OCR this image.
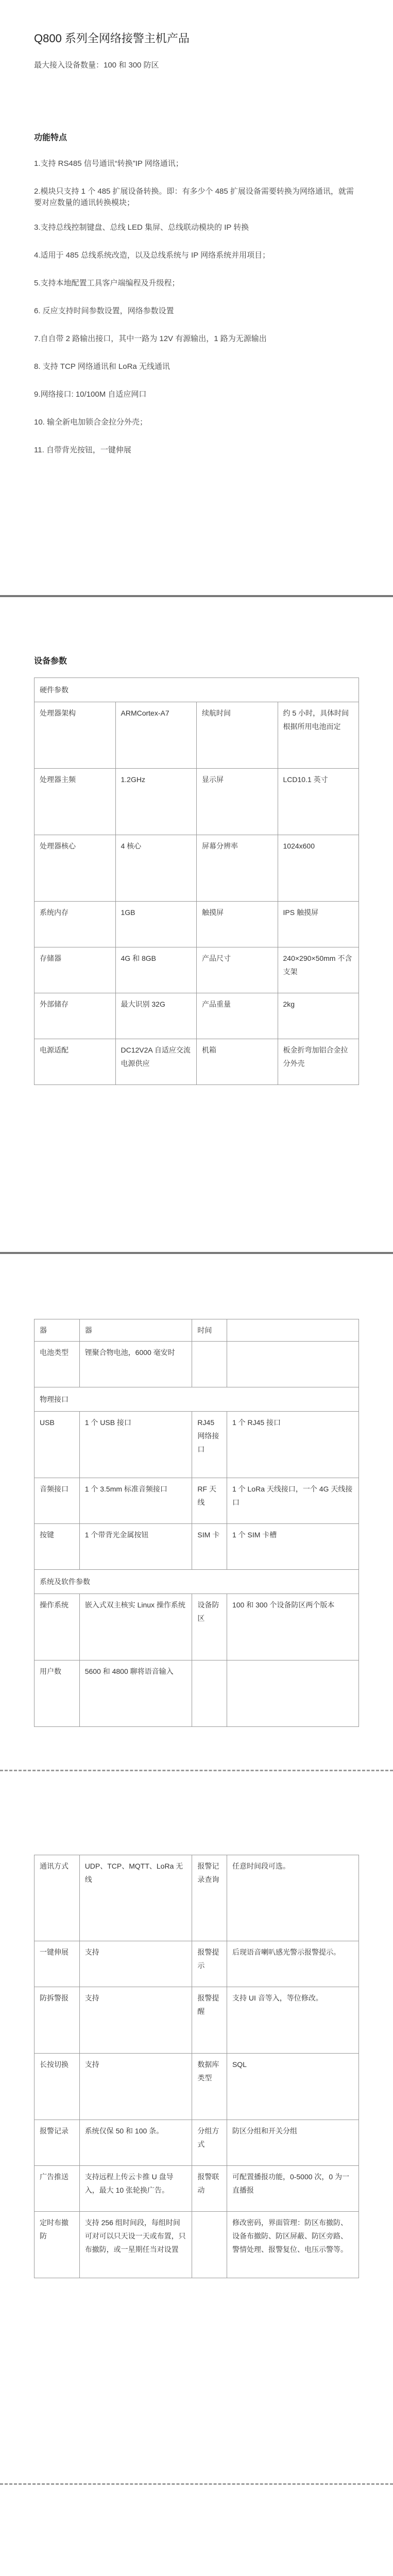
Q800 系列全网络接警主机产品
最大接入设备数量：100 和 300 防区
功能特点
1.支持 RS485 信号通讯“转换”IP 网络通讯；
2.模块只支持 1 个 485 扩展设备转换。即：有多少个 485 扩展设备需要转换为网络通讯，就需要对应数量的通讯转换模块；
3.支持总线控制键盘、总线 LED 集屏、总线联动模块的 IP 转换
4.适用于 485 总线系统改造，以及总线系统与 IP 网络系统并用项目；
5.支持本地配置工具客户端编程及升级程；
6. 反应支持时间参数设置，网络参数设置
7.自自带 2 路输出接口，其中一路为 12V 有源输出，1 路为无源输出
8. 支持 TCP 网络通讯和 LoRa 无线通讯
9.网络接口: 10/100M 自适应网口
10. 输全新电加锁合金拉分外壳；
11. 自带背光按钮，一键伸展
设备参数
硬件参数			
处理器架构	ARMCortex-A7	续航时间	约 5 小时，具体时间根据所用电池而定
处理器主频	1.2GHz	显示屏	LCD10.1 英寸
处理器核心	4 核心	屏幕分辨率	1024x600
系统内存	1GB	触摸屏	IPS 触摸屏
存储器	4G 和 8GB	产品尺寸	240×290×50mm 不含支架
外部储存	最大识别 32G	产品重量	2kg
电源适配	DC12V2A 自适应交流电源供应	机箱	板金折弯加铝合金拉分外壳
器	器	时间	
电池类型	锂聚合物电池，6000 毫安时		
物理接口			
USB	1 个 USB 接口	RJ45 网络接口	1 个 RJ45 接口
音频接口	1 个 3.5mm 标准音频接口	RF 天线	1 个 LoRa 天线接口，一个 4G 天线接口
按键	1 个带背光金属按钮	SIM 卡	1 个 SIM 卡槽
系统及软件参数			
操作系统	嵌入式双主核实 Linux 操作系统	设备防区	100 和 300 个设备防区两个版本
用户数	5600 和 4800 聊将语音输入		
通讯方式	UDP、TCP、MQTT、LoRa 无线	报警记录查询	任意时间段可选。
一键伸展	支持	报警提示	后现语音喇叭感光警示报警提示。
防拆警报	支持	报警提醒	支持 UI 音等入，等位修改。
长按切换	支持	数据库类型	SQL
报警记录	系统仅保 50 和 100 条。	分组方式	防区分组和开关分组
广告推送	支持远程上传云卡推 U 盘导入，最大 10 张轮换广告。	报警联动	可配置播报功能，0-5000 次，0 为一直播报
定时布撤防	支持 256 组时间段，每组时间可对可以只天设一天或布置，只布撤防，或一星期任当对设置		修改密码，界面管理：防区布撤防、设备布撤防、防区屏蔽、防区旁路、警情处理、报警复位、电压示警等。
